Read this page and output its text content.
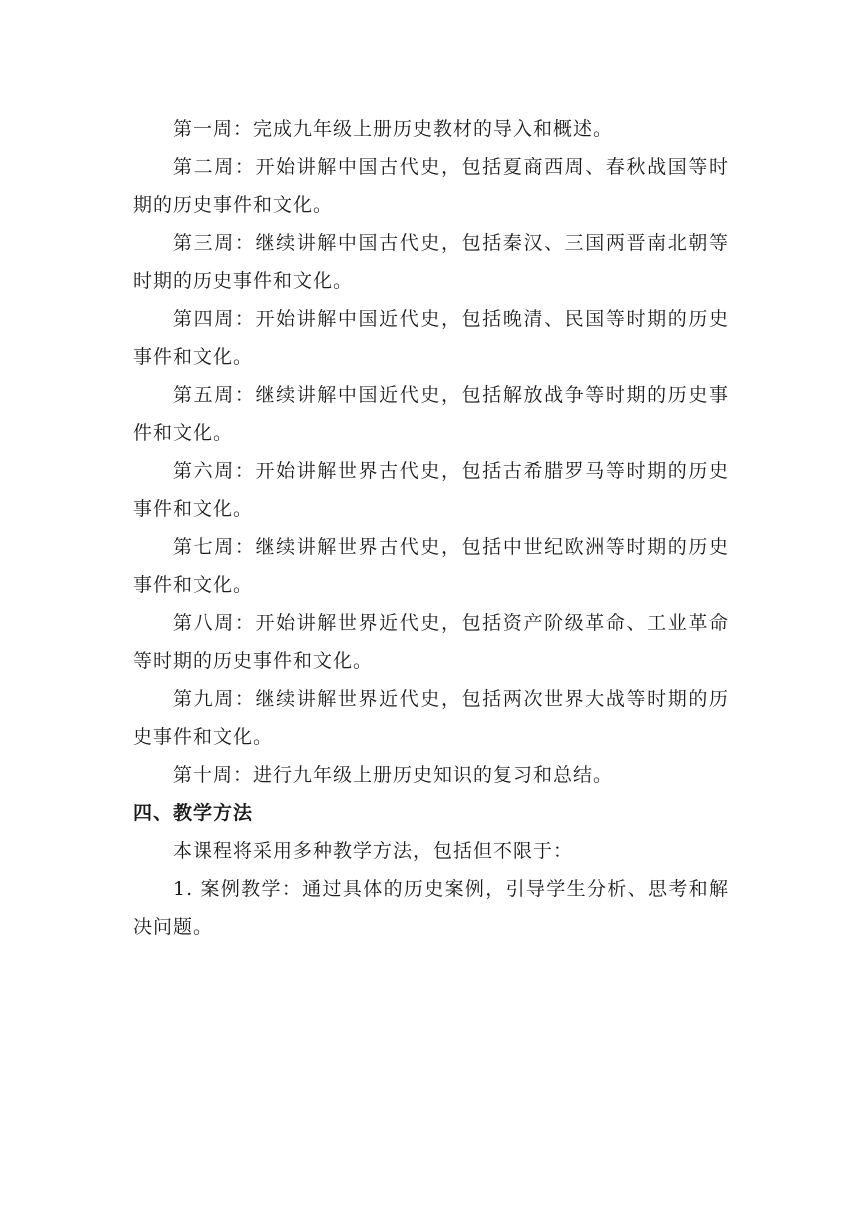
第一周：完成九年级上册历史教材的导入和概述。

第二周：开始讲解中国古代史，包括夏商西周、春秋战国等时期的历史事件和文化。

第三周：继续讲解中国古代史，包括秦汉、三国两晋南北朝等时期的历史事件和文化。

第四周：开始讲解中国近代史，包括晚清、民国等时期的历史事件和文化。

第五周：继续讲解中国近代史，包括解放战争等时期的历史事件和文化。

第六周：开始讲解世界古代史，包括古希腊罗马等时期的历史事件和文化。

第七周：继续讲解世界古代史，包括中世纪欧洲等时期的历史事件和文化。

第八周：开始讲解世界近代史，包括资产阶级革命、工业革命等时期的历史事件和文化。

第九周：继续讲解世界近代史，包括两次世界大战等时期的历史事件和文化。

第十周：进行九年级上册历史知识的复习和总结。

四、教学方法

本课程将采用多种教学方法，包括但不限于：

1. 案例教学：通过具体的历史案例，引导学生分析、思考和解决问题。
